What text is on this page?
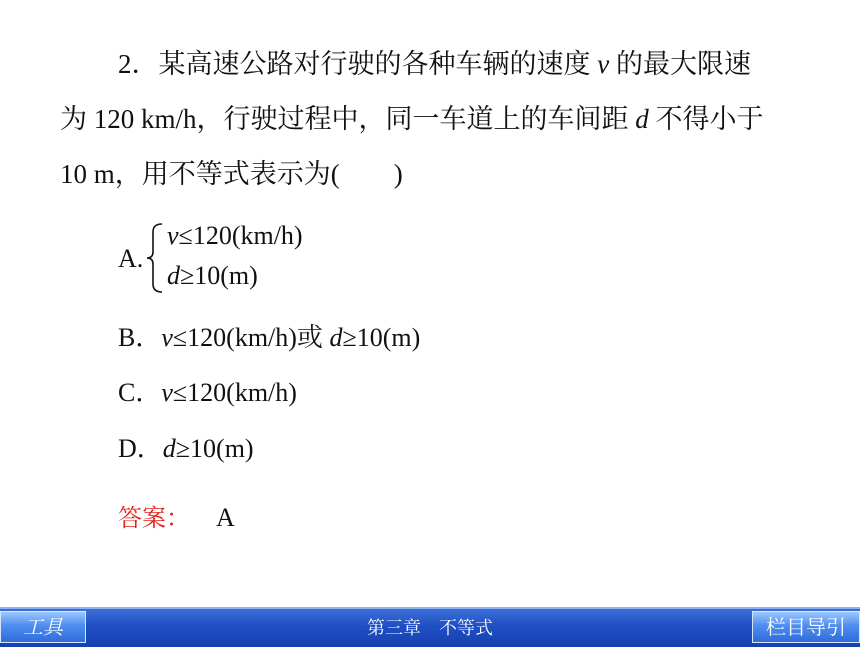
2．某高速公路对行驶的各种车辆的速度 v 的最大限速
为 120 km/h，行驶过程中，同一车道上的车间距 d 不得小于
10 m，用不等式表示为(　　)
A.
v≤120(km/h)
d≥10(m)
B．v≤120(km/h)或 d≥10(m)
C．v≤120(km/h)
D．d≥10(m)
答案： A
工具	第三章　不等式	栏目导引
